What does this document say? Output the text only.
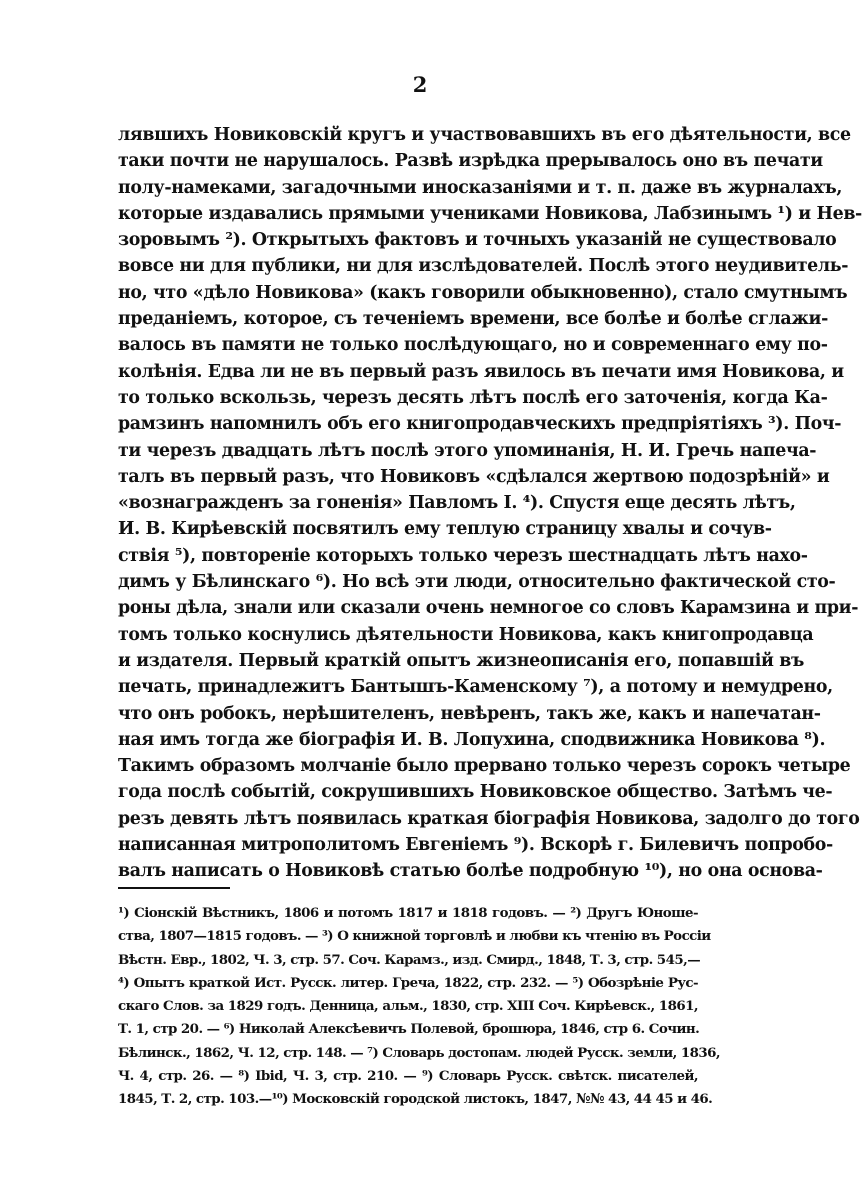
2
лявшихъ Новиковскiй кругъ и участвовавшихъ въ его дѣятельности, все
таки почти не нарушалось. Развѣ изрѣдка прерывалось оно въ печати
полу-намеками, загадочными иносказанiями и т. п. даже въ журналахъ,
которые издавались прямыми учениками Новикова, Лабзинымъ ¹) и Нев-
зоровымъ ²). Открытыхъ фактовъ и точныхъ указанiй не существовало
вовсе ни для публики, ни для изслѣдователей. Послѣ этого неудивитель-
но, что «дѣло Новикова» (какъ говорили обыкновенно), стало смутнымъ
преданiемъ, которое, съ теченiемъ времени, все болѣе и болѣе сглажи-
валось въ памяти не только послѣдующаго, но и современнаго ему по-
колѣнiя. Едва ли не въ первый разъ явилось въ печати имя Новикова, и
то только вскользь, черезъ десять лѣтъ послѣ его заточенiя, когда Ка-
рамзинъ напомнилъ объ его книгопродавческихъ предпрiятiяхъ ³). Поч-
ти черезъ двадцать лѣтъ послѣ этого упоминанiя, Н. И. Гречь напеча-
талъ въ первый разъ, что Новиковъ «сдѣлался жертвою подозрѣнiй» и
«вознагражденъ за гоненiя» Павломъ I. ⁴). Спустя еще десять лѣтъ,
И. В. Кирѣевскiй посвятилъ ему теплую страницу хвалы и сочув-
ствiя ⁵), повторенiе которыхъ только черезъ шестнадцать лѣтъ нахо-
димъ у Бѣлинскаго ⁶). Но всѣ эти люди, относительно фактической сто-
роны дѣла, знали или сказали очень немногое со словъ Карамзина и при-
томъ только коснулись дѣятельности Новикова, какъ книгопродавца
и издателя. Первый краткiй опытъ жизнеописанiя его, попавшiй въ
печать, принадлежитъ Бантышъ-Каменскому ⁷), а потому и немудрено,
что онъ робокъ, нерѣшителенъ, невѣренъ, такъ же, какъ и напечатан-
ная имъ тогда же бiографiя И. В. Лопухина, сподвижника Новикова ⁸).
Такимъ образомъ молчанiе было прервано только черезъ сорокъ четыре
года послѣ событiй, сокрушившихъ Новиковское общество. Затѣмъ че-
резъ девять лѣтъ появилась краткая бiографiя Новикова, задолго до того
написанная митрополитомъ Евгенiемъ ⁹). Вскорѣ г. Билевичъ попробо-
валъ написать о Новиковѣ статью болѣе подробную ¹⁰), но она основа-
¹) Сiонскiй Вѣстникъ, 1806 и потомъ 1817 и 1818 годовъ. — ²) Другъ Юноше-
ства, 1807—1815 годовъ. — ³) О книжной торговлѣ и любви къ чтенiю въ Россiи
Вѣстн. Евр., 1802, Ч. 3, стр. 57. Соч. Карамз., изд. Смирд., 1848, Т. 3, стр. 545,—
⁴) Опытъ краткой Ист. Русск. литер. Греча, 1822, стр. 232. — ⁵) Обозрѣнiе Рус-
скаго Слов. за 1829 годъ. Денница, альм., 1830, стр. XIII Соч. Кирѣевск., 1861,
Т. 1, стр 20. — ⁶) Николай Алексѣевичъ Полевой, брошюра, 1846, стр 6. Сочин.
Бѣлинск., 1862, Ч. 12, стр. 148. — ⁷) Словарь достопам. людей Русск. земли, 1836,
Ч. 4, стр. 26. — ⁸) Ibid, Ч. 3, стр. 210. — ⁹) Словарь Русск. свѣтск. писателей,
1845, Т. 2, стр. 103.—¹⁰) Московскiй городской листокъ, 1847, №№ 43, 44 45 и 46.
